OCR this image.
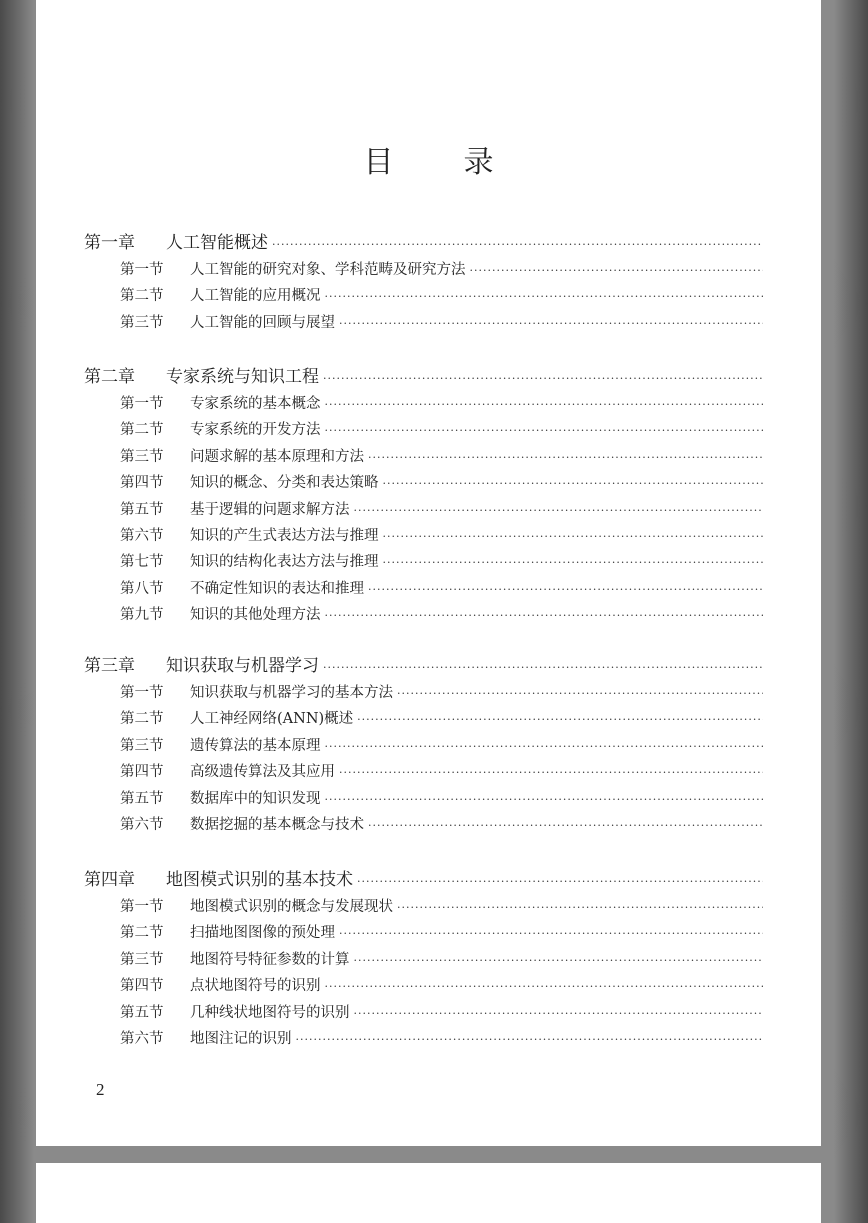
目录
第一章	人工智能概述
·····
第一节	人工智能的研究对象、学科范畴及研究方法
·····
第二节	人工智能的应用概况
·····
第三节	人工智能的回顾与展望
·····
第二章	专家系统与知识工程
·····
第一节	专家系统的基本概念
·····
第二节	专家系统的开发方法
·····
第三节	问题求解的基本原理和方法
·····
第四节	知识的概念、分类和表达策略
·····
第五节	基于逻辑的问题求解方法
·····
第六节	知识的产生式表达方法与推理
·····
第七节	知识的结构化表达方法与推理
·····
第八节	不确定性知识的表达和推理
·····
第九节	知识的其他处理方法
·····
第三章	知识获取与机器学习
·····
第一节	知识获取与机器学习的基本方法
·····
第二节	人工神经网络(ANN)概述
·····
第三节	遗传算法的基本原理
·····
第四节	高级遗传算法及其应用
·····
第五节	数据库中的知识发现
·····
第六节	数据挖掘的基本概念与技术
·····
第四章	地图模式识别的基本技术
·····
第一节	地图模式识别的概念与发展现状
·····
第二节	扫描地图图像的预处理
·····
第三节	地图符号特征参数的计算
·····
第四节	点状地图符号的识别
·····
第五节	几种线状地图符号的识别
·····
第六节	地图注记的识别
·····
2
